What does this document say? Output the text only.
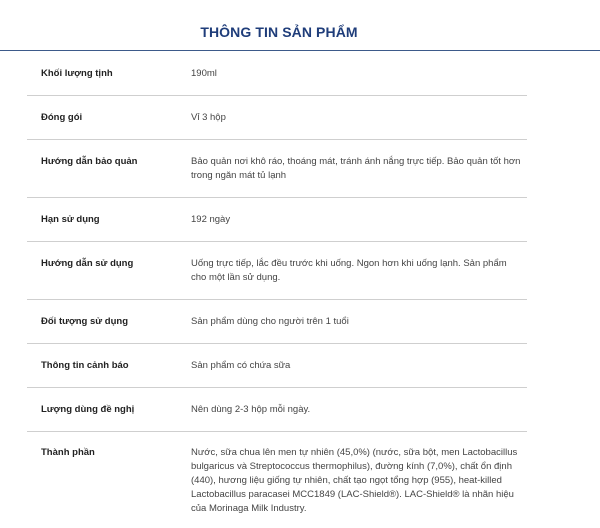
THÔNG TIN SẢN PHẨM
Khối lượng tịnh	190ml
Đóng gói	Vỉ 3 hộp
Hướng dẫn bảo quản	Bảo quản nơi khô ráo, thoáng mát, tránh ánh nắng trực tiếp. Bảo quản tốt hơn trong ngăn mát tủ lạnh
Hạn sử dụng	192 ngày
Hướng dẫn sử dụng	Uống trực tiếp, lắc đều trước khi uống. Ngon hơn khi uống lạnh. Sản phẩm cho một lần sử dụng.
Đối tượng sử dụng	Sản phẩm dùng cho người trên 1 tuổi
Thông tin cảnh báo	Sản phẩm có chứa sữa
Lượng dùng đề nghị	Nên dùng 2-3 hộp mỗi ngày.
Thành phần	Nước, sữa chua lên men tự nhiên (45,0%) (nước, sữa bột, men Lactobacillus bulgaricus và Streptococcus thermophilus), đường kính (7,0%), chất ổn định (440), hương liệu giống tự nhiên, chất tạo ngọt tổng hợp (955), heat-killed Lactobacillus paracasei MCC1849 (LAC-Shield®). LAC-Shield® là nhãn hiệu của Morinaga Milk Industry.
